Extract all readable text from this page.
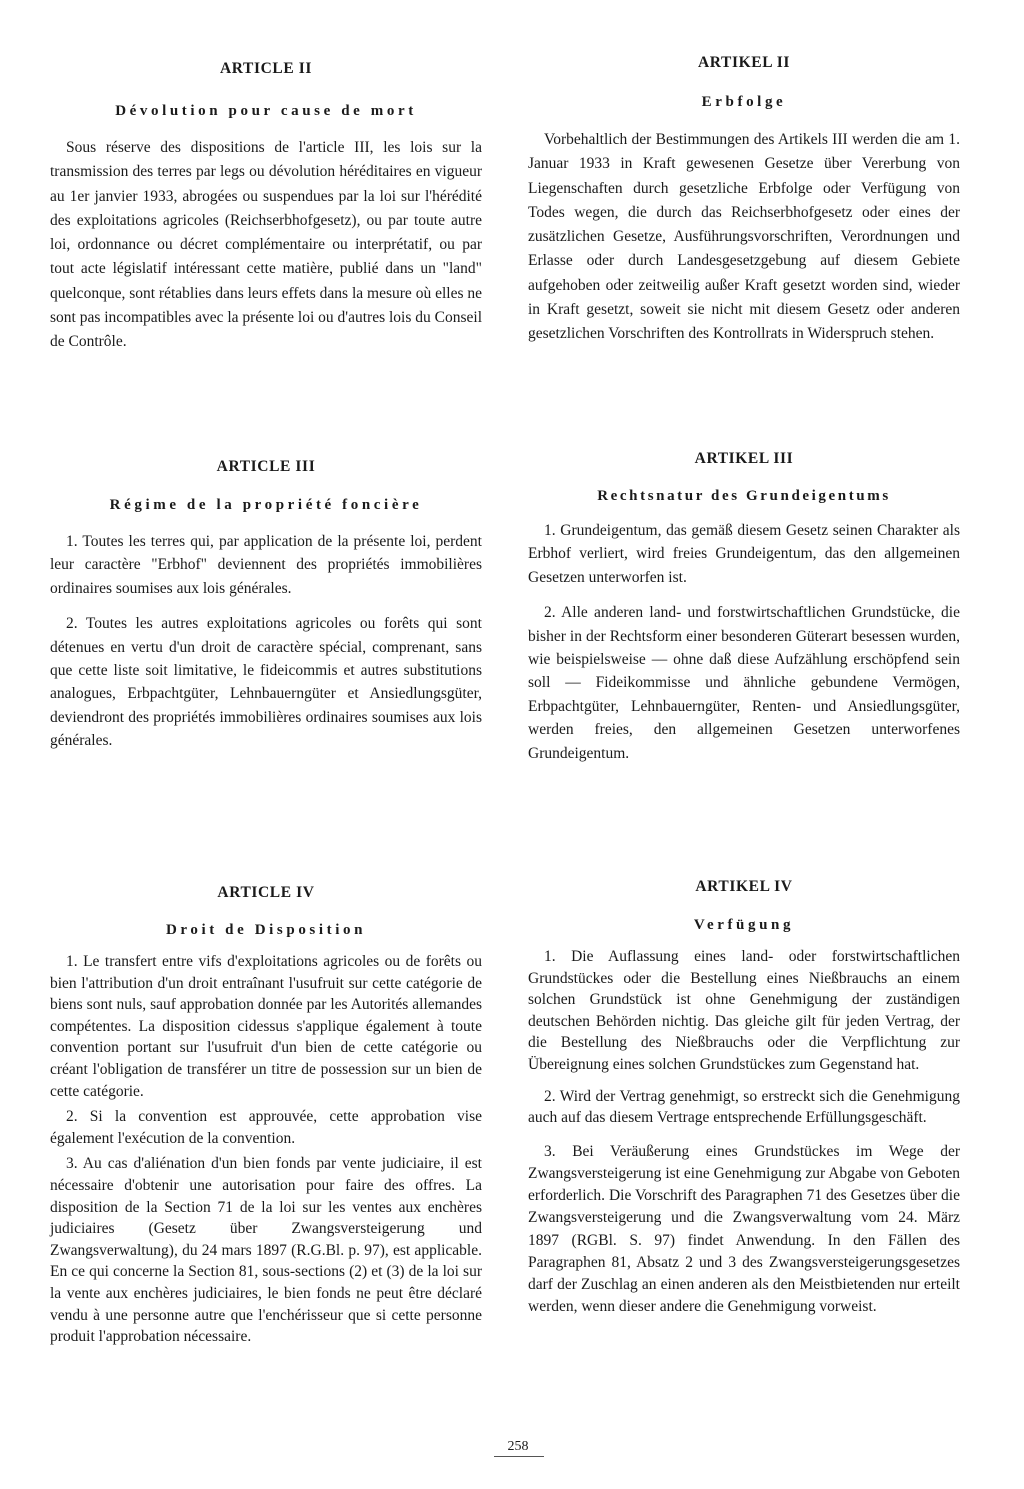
ARTICLE II
Dévolution pour cause de mort

Sous réserve des dispositions de l'article III, les lois sur la transmission des terres par legs ou dévolution héréditaires en vigueur au 1er janvier 1933, abrogées ou suspendues par la loi sur l'hérédité des exploitations agricoles (Reichserbhofgesetz), ou par toute autre loi, ordonnance ou décret complémentaire ou interprétatif, ou par tout acte législatif intéressant cette matière, publié dans un "land" quelconque, sont rétablies dans leurs effets dans la mesure où elles ne sont pas incompatibles avec la présente loi ou d'autres lois du Conseil de Contrôle.

ARTICLE III
Régime de la propriété foncière

1. Toutes les terres qui, par application de la présente loi, perdent leur caractère "Erbhof" deviennent des propriétés immobilières ordinaires soumises aux lois générales.

2. Toutes les autres exploitations agricoles ou forêts qui sont détenues en vertu d'un droit de caractère spécial, comprenant, sans que cette liste soit limitative, le fideicommis et autres substitutions analogues, Erbpachtgüter, Lehnbauerngüter et Ansiedlungsgüter, deviendront des propriétés immobilières ordinaires soumises aux lois générales.

ARTICLE IV
Droit de Disposition

1. Le transfert entre vifs d'exploitations agricoles ou de forêts ou bien l'attribution d'un droit entraînant l'usufruit sur cette catégorie de biens sont nuls, sauf approbation donnée par les Autorités allemandes compétentes. La disposition cidessus s'applique également à toute convention portant sur l'usufruit d'un bien de cette catégorie ou créant l'obligation de transférer un titre de possession sur un bien de cette catégorie.

2. Si la convention est approuvée, cette approbation vise également l'exécution de la convention.

3. Au cas d'aliénation d'un bien fonds par vente judiciaire, il est nécessaire d'obtenir une autorisation pour faire des offres. La disposition de la Section 71 de la loi sur les ventes aux enchères judiciaires (Gesetz über Zwangsversteigerung und Zwangsverwaltung), du 24 mars 1897 (R.G.Bl. p. 97), est applicable. En ce qui concerne la Section 81, sous-sections (2) et (3) de la loi sur la vente aux enchères judiciaires, le bien fonds ne peut être déclaré vendu à une personne autre que l'enchérisseur que si cette personne produit l'approbation nécessaire.

ARTIKEL II
Erbfolge

Vorbehaltlich der Bestimmungen des Artikels III werden die am 1. Januar 1933 in Kraft gewesenen Gesetze über Vererbung von Liegenschaften durch gesetzliche Erbfolge oder Verfügung von Todes wegen, die durch das Reichserbhofgesetz oder eines der zusätzlichen Gesetze, Ausführungsvorschriften, Verordnungen und Erlasse oder durch Landesgesetzgebung auf diesem Gebiete aufgehoben oder zeitweilig außer Kraft gesetzt worden sind, wieder in Kraft gesetzt, soweit sie nicht mit diesem Gesetz oder anderen gesetzlichen Vorschriften des Kontrollrats in Widerspruch stehen.

ARTIKEL III
Rechtsnatur des Grundeigentums

1. Grundeigentum, das gemäß diesem Gesetz seinen Charakter als Erbhof verliert, wird freies Grundeigentum, das den allgemeinen Gesetzen unterworfen ist.

2. Alle anderen land- und forstwirtschaftlichen Grundstücke, die bisher in der Rechtsform einer besonderen Güterart besessen wurden, wie beispielsweise — ohne daß diese Aufzählung erschöpfend sein soll — Fideikommisse und ähnliche gebundene Vermögen, Erbpachtgüter, Lehnbauerngüter, Renten- und Ansiedlungsgüter, werden freies, den allgemeinen Gesetzen unterworfenes Grundeigentum.

ARTIKEL IV
Verfügung

1. Die Auflassung eines land- oder forstwirtschaftlichen Grundstückes oder die Bestellung eines Nießbrauchs an einem solchen Grundstück ist ohne Genehmigung der zuständigen deutschen Behörden nichtig. Das gleiche gilt für jeden Vertrag, der die Bestellung des Nießbrauchs oder die Verpflichtung zur Übereignung eines solchen Grundstückes zum Gegenstand hat.

2. Wird der Vertrag genehmigt, so erstreckt sich die Genehmigung auch auf das diesem Vertrage entsprechende Erfüllungsgeschäft.

3. Bei Veräußerung eines Grundstückes im Wege der Zwangsversteigerung ist eine Genehmigung zur Abgabe von Geboten erforderlich. Die Vorschrift des Paragraphen 71 des Gesetzes über die Zwangsversteigerung und die Zwangsverwaltung vom 24. März 1897 (RGBl. S. 97) findet Anwendung. In den Fällen des Paragraphen 81, Absatz 2 und 3 des Zwangsversteigerungsgesetzes darf der Zuschlag an einen anderen als den Meistbietenden nur erteilt werden, wenn dieser andere die Genehmigung vorweist.

258
